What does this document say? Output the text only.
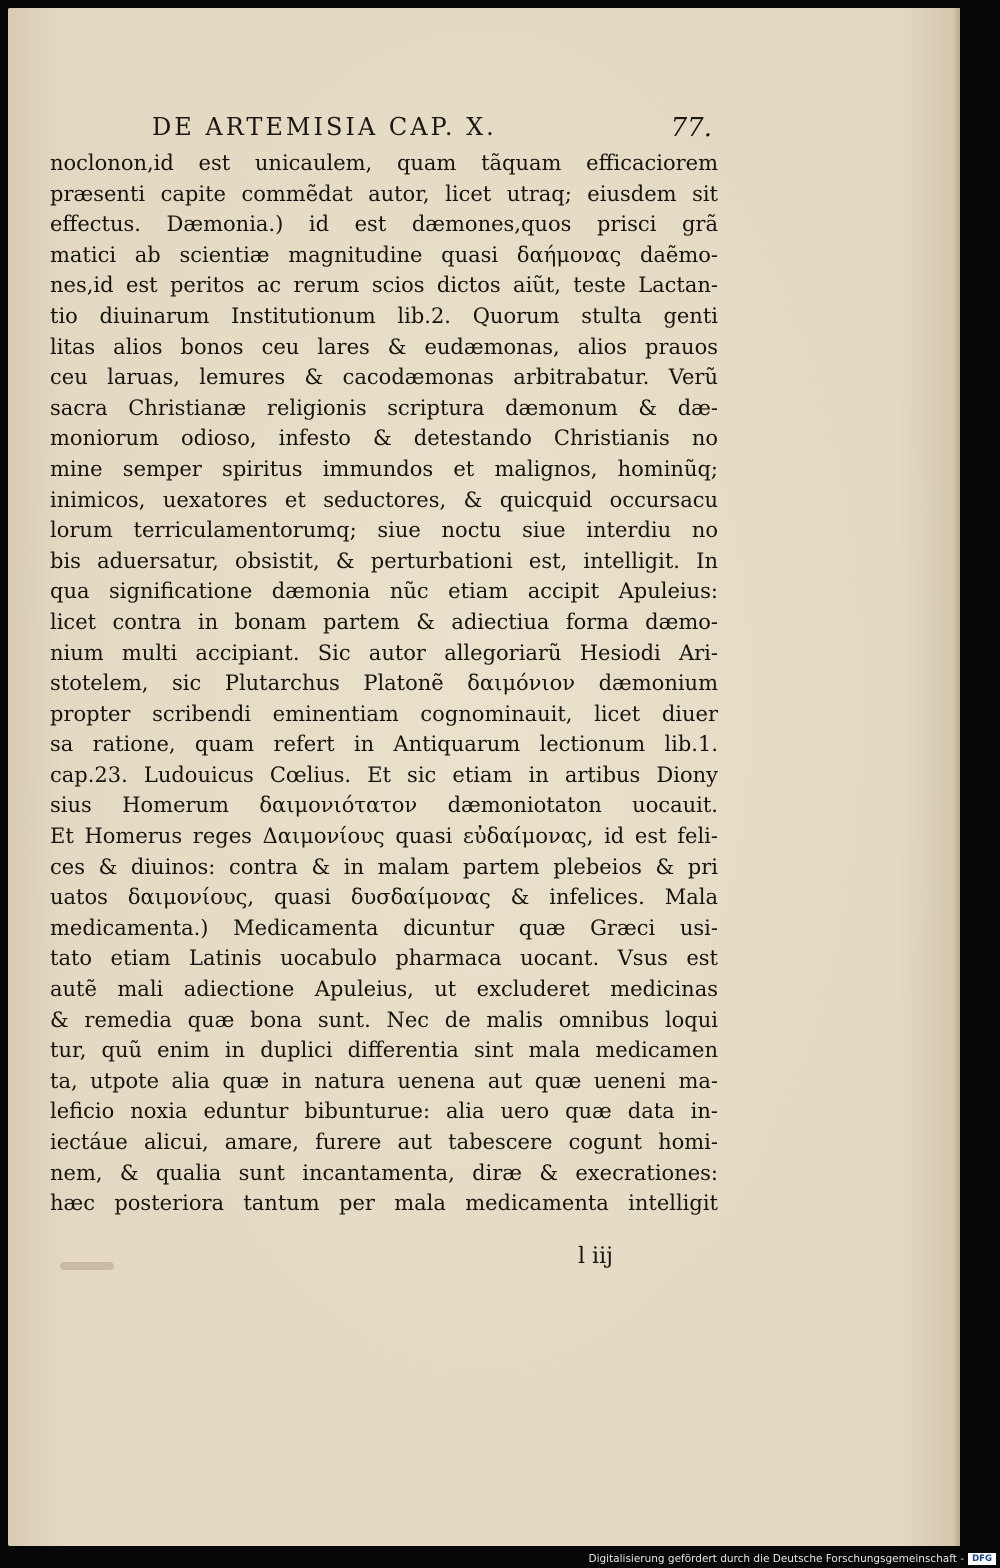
DE ARTEMISIA CAP. X.	77.
noclonon,id est unicaulem, quam tãquam efficaciorem
præsenti capite commẽdat autor, licet utraq; eiusdem sit
effectus. Dæmonia.) id est dæmones,quos prisci grã
matici ab scientiæ magnitudine quasi δαήμονας daẽmo-
nes,id est peritos ac rerum scios dictos aiũt, teste Lactan-
tio diuinarum Institutionum lib.2. Quorum stulta genti
litas alios bonos ceu lares & eudæmonas, alios prauos
ceu laruas, lemures & cacodæmonas arbitrabatur. Verũ
sacra Christianæ religionis scriptura dæmonum & dæ-
moniorum odioso, infesto & detestando Christianis no
mine semper spiritus immundos et malignos, hominũq;
inimicos, uexatores et seductores, & quicquid occursacu
lorum terriculamentorumq; siue noctu siue interdiu no
bis aduersatur, obsistit, & perturbationi est, intelligit. In
qua significatione dæmonia nũc etiam accipit Apuleius:
licet contra in bonam partem & adiectiua forma dæmo-
nium multi accipiant. Sic autor allegoriarũ Hesiodi Ari-
stotelem, sic Plutarchus Platonẽ δαιμόνιον dæmonium
propter scribendi eminentiam cognominauit, licet diuer
sa ratione, quam refert in Antiquarum lectionum lib.1.
cap.23. Ludouicus Cœlius. Et sic etiam in artibus Diony
sius Homerum δαιμονιότατον dæmoniotaton uocauit.
Et Homerus reges Δαιμονίους quasi εὐδαίμονας, id est feli-
ces & diuinos: contra & in malam partem plebeios & pri
uatos δαιμονίους, quasi δυσδαίμονας & infelices. Mala
medicamenta.) Medicamenta dicuntur quæ Græci usi-
tato etiam Latinis uocabulo pharmaca uocant. Vsus est
autẽ mali adiectione Apuleius, ut excluderet medicinas
& remedia quæ bona sunt. Nec de malis omnibus loqui
tur, quũ enim in duplici differentia sint mala medicamen
ta, utpote alia quæ in natura uenena aut quæ ueneni ma-
leficio noxia eduntur bibunturue: alia uero quæ data in-
iectáue alicui, amare, furere aut tabescere cogunt homi-
nem, & qualia sunt incantamenta, diræ & execrationes:
hæc posteriora tantum per mala medicamenta intelligit
l iij
Digitalisierung gefördert durch die Deutsche Forschungsgemeinschaft - DFG
